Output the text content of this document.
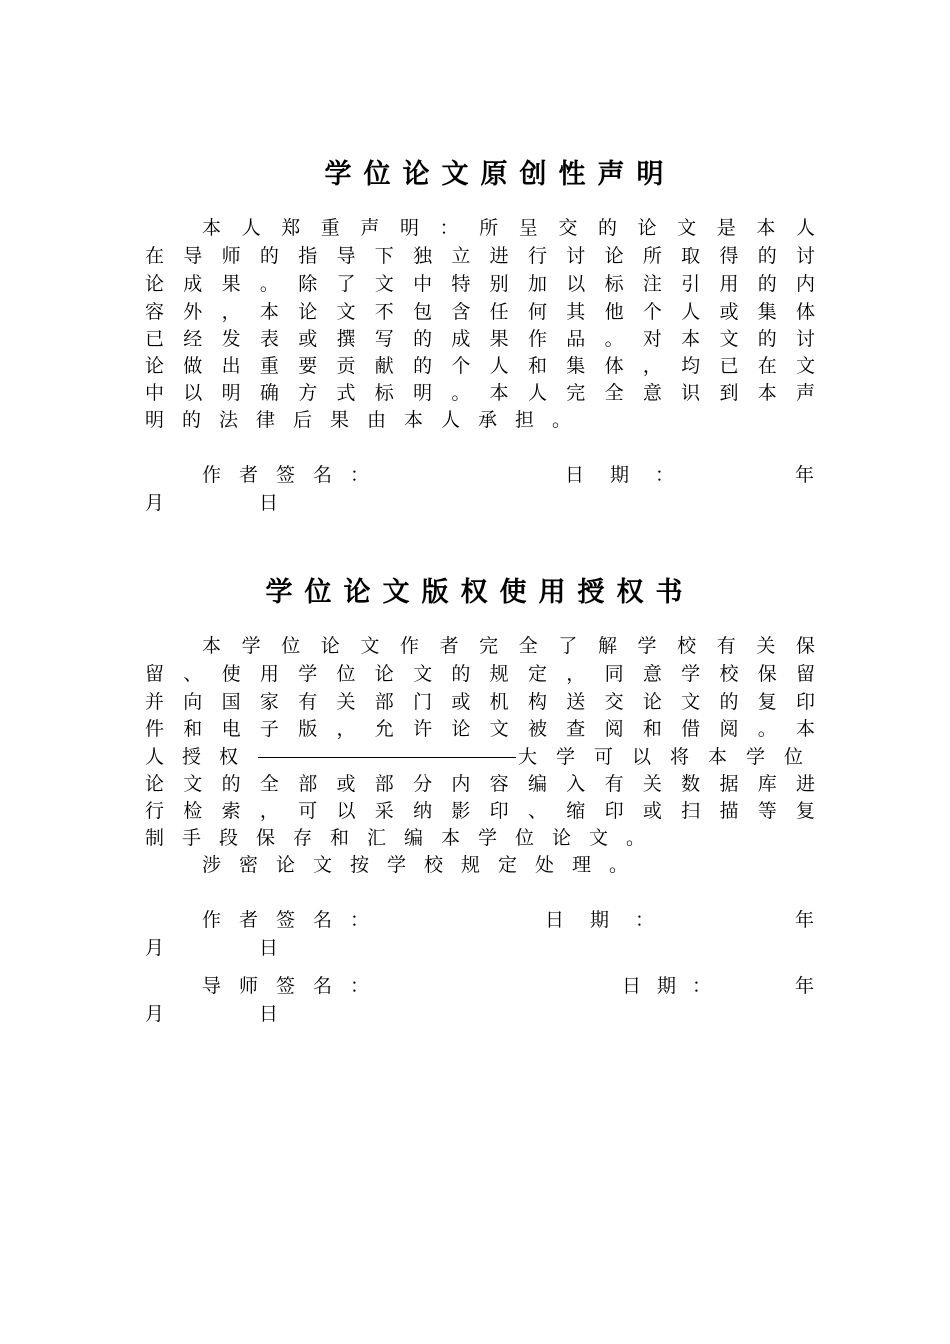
学位论文原创性声明
本 人 郑 重 声 明 ： 所 呈 交 的 论 文 是 本 人
在 导 师 的 指 导 下 独 立 进 行 讨 论 所 取 得 的 讨
论 成 果 。 除 了 文 中 特 别 加 以 标 注 引 用 的 内
容 外 ， 本 论 文 不 包 含 任 何 其 他 个 人 或 集 体
已 经 发 表 或 撰 写 的 成 果 作 品 。 对 本 文 的 讨
论 做 出 重 要 贡 献 的 个 人 和 集 体 ， 均 已 在 文
中 以 明 确 方 式 标 明 。 本 人 完 全 意 识 到 本 声
明的法律后果由本人承担。
作者签名：	日期：	年
月	日
学位论文版权使用授权书
本 学 位 论 文 作 者 完 全 了 解 学 校 有 关 保
留 、 使 用 学 位 论 文 的 规 定 ， 同 意 学 校 保 留
并 向 国 家 有 关 部 门 或 机 构 送 交 论 文 的 复 印
件 和 电 子 版 ， 允 许 论 文 被 查 阅 和 借 阅 。 本
人授权	大学可以将本学位
论 文 的 全 部 或 部 分 内 容 编 入 有 关 数 据 库 进
行 检 索 ， 可 以 采 纳 影 印 、 缩 印 或 扫 描 等 复
制手段保存和汇编本学位论文。
涉密论文按学校规定处理。
作者签名：	日期：	年
月	日
导师签名：	日期：	年
月	日
